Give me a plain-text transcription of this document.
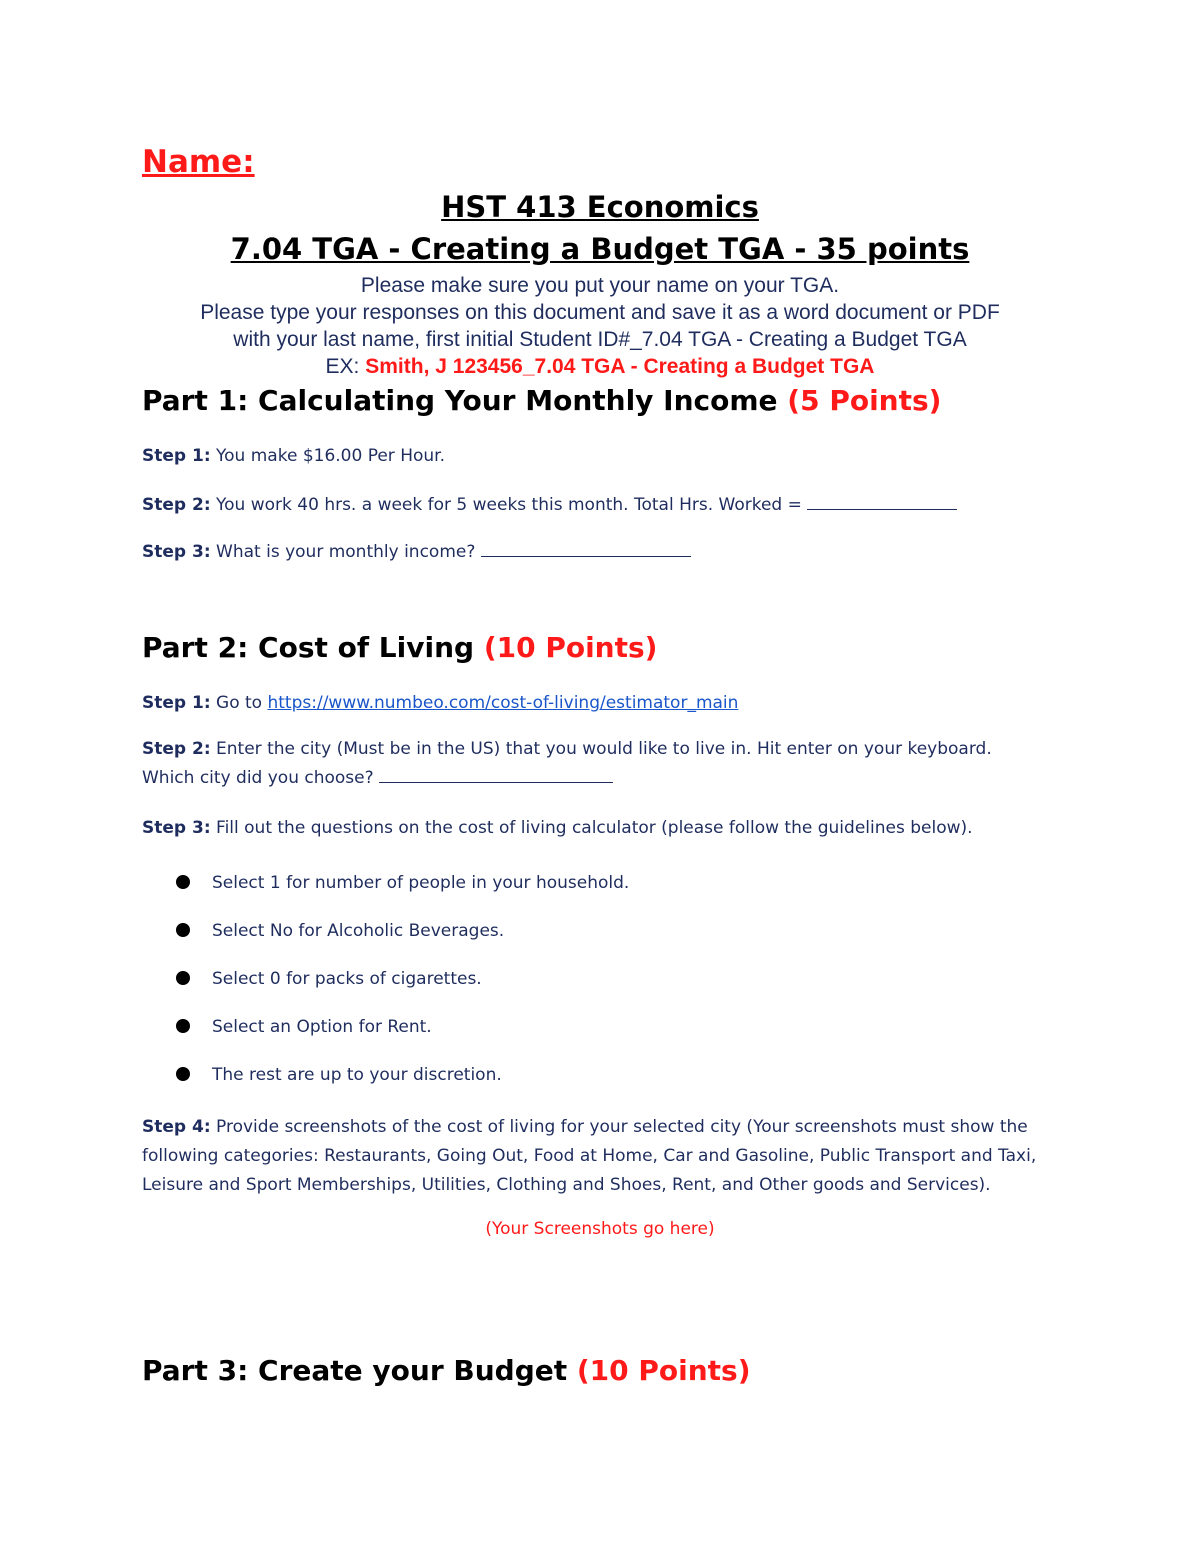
Name:
HST 413 Economics
7.04 TGA - Creating a Budget TGA - 35 points
Please make sure you put your name on your TGA.
Please type your responses on this document and save it as a word document or PDF
with your last name, first initial Student ID#_7.04 TGA - Creating a Budget TGA
EX: Smith, J 123456_7.04 TGA - Creating a Budget TGA
Part 1: Calculating Your Monthly Income (5 Points)
Step 1: You make $16.00 Per Hour.
Step 2: You work 40 hrs. a week for 5 weeks this month. Total Hrs. Worked =
Step 3: What is your monthly income?
Part 2: Cost of Living (10 Points)
Step 1: Go to https://www.numbeo.com/cost-of-living/estimator_main
Step 2: Enter the city (Must be in the US) that you would like to live in. Hit enter on your keyboard.
Which city did you choose?
Step 3: Fill out the questions on the cost of living calculator (please follow the guidelines below).
Select 1 for number of people in your household.
Select No for Alcoholic Beverages.
Select 0 for packs of cigarettes.
Select an Option for Rent.
The rest are up to your discretion.
Step 4: Provide screenshots of the cost of living for your selected city (Your screenshots must show the following categories: Restaurants, Going Out, Food at Home, Car and Gasoline, Public Transport and Taxi, Leisure and Sport Memberships, Utilities, Clothing and Shoes, Rent, and Other goods and Services).
(Your Screenshots go here)
Part 3: Create your Budget (10 Points)
